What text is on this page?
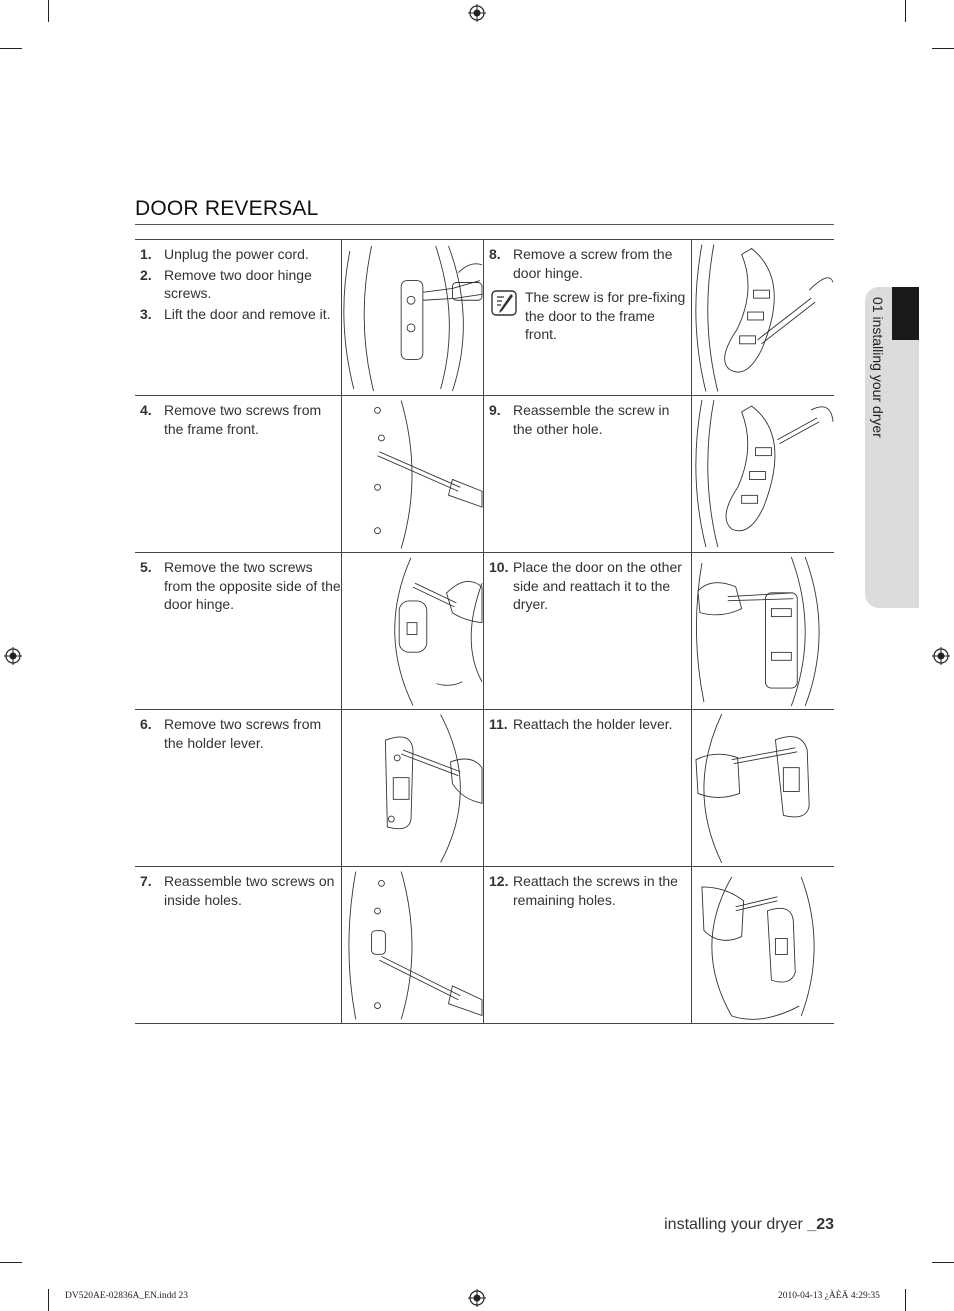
DOOR REVERSAL
1. Unplug the power cord.
2. Remove two door hinge screws.
3. Lift the door and remove it.
8. Remove a screw from the door hinge.
The screw is for pre-fixing the door to the frame front.
4. Remove two screws from the frame front.
9. Reassemble the screw in the other hole.
5. Remove the two screws from the opposite side of the door hinge.
10. Place the door on the other side and reattach it to the dryer.
6. Remove two screws from the holder lever.
11. Reattach the holder lever.
7. Reassemble two screws on inside holes.
12. Reattach the screws in the remaining holes.
01 installing your dryer
installing your dryer _23
DV520AE-02836A_EN.indd 23	2010-04-13 ¿ÀÈÄ 4:29:35
